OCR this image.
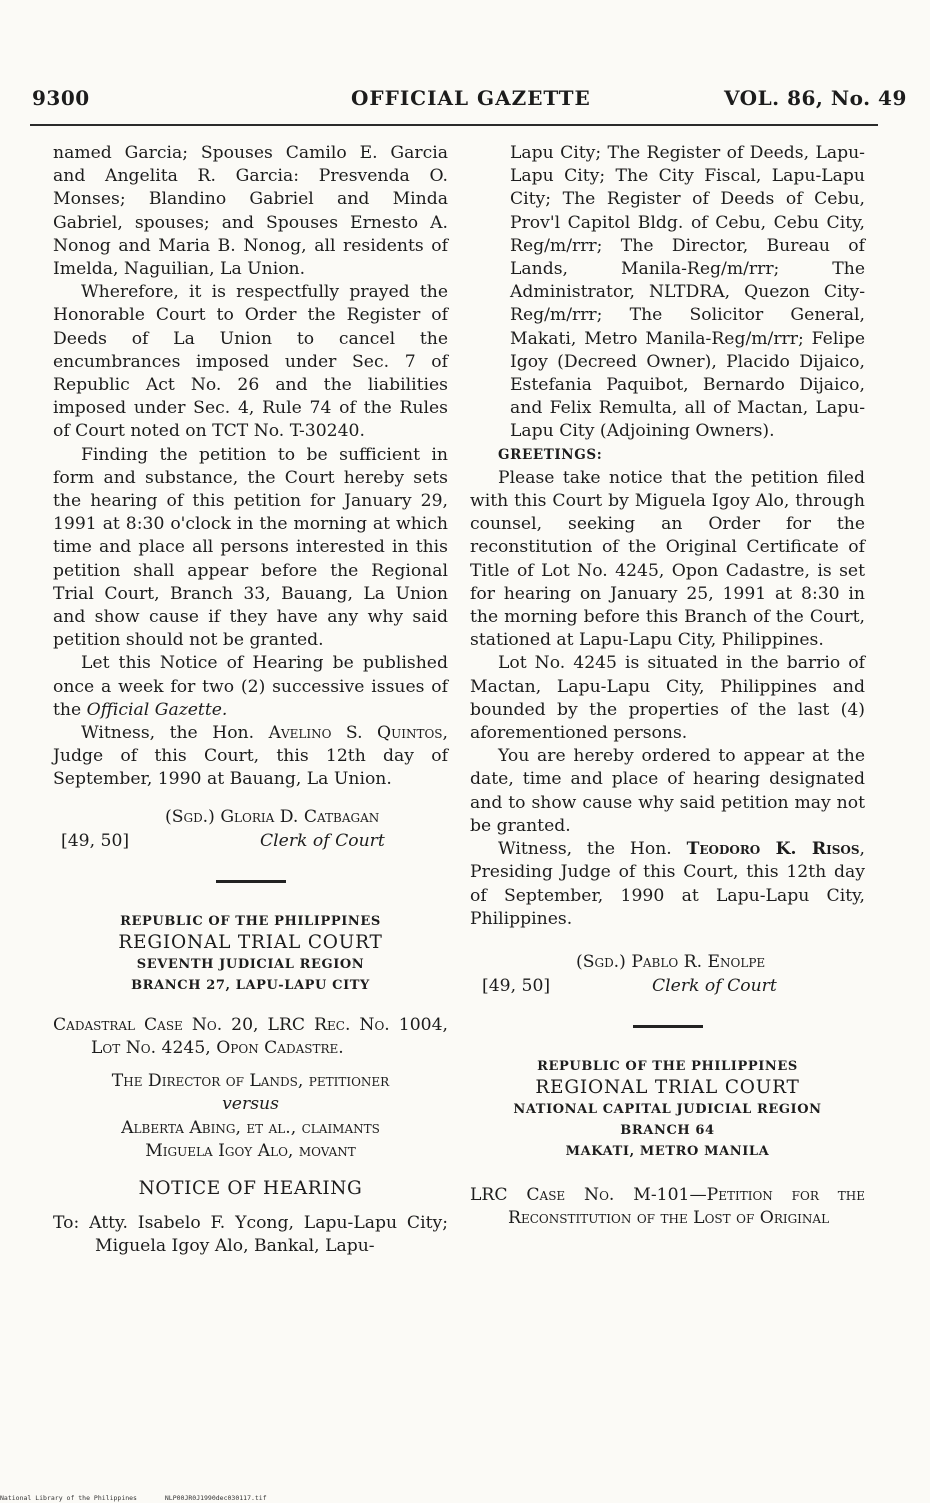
9300	OFFICIAL GAZETTE	VOL. 86, No. 49

named Garcia; Spouses Camilo E. Garcia and Angelita R. Garcia: Presvenda O. Monses; Blandino Gabriel and Minda Gabriel, spouses; and Spouses Ernesto A. Nonog and Maria B. Nonog, all residents of Imelda, Naguilian, La Union.

Wherefore, it is respectfully prayed the Honorable Court to Order the Register of Deeds of La Union to cancel the encumbrances imposed under Sec. 7 of Republic Act No. 26 and the liabilities imposed under Sec. 4, Rule 74 of the Rules of Court noted on TCT No. T-30240.

Finding the petition to be sufficient in form and substance, the Court hereby sets the hearing of this petition for January 29, 1991 at 8:30 o'clock in the morning at which time and place all persons interested in this petition shall appear before the Regional Trial Court, Branch 33, Bauang, La Union and show cause if they have any why said petition should not be granted.

Let this Notice of Hearing be published once a week for two (2) successive issues of the Official Gazette.

Witness, the Hon. Avelino S. Quintos, Judge of this Court, this 12th day of September, 1990 at Bauang, La Union.

(Sgd.) Gloria D. Catbagan
[49, 50]	Clerk of Court
REPUBLIC OF THE PHILIPPINES
REGIONAL TRIAL COURT
SEVENTH JUDICIAL REGION
BRANCH 27, LAPU-LAPU CITY

Cadastral Case No. 20, LRC Rec. No. 1004, Lot No. 4245, Opon Cadastre.

The Director of Lands, petitioner
versus
Alberta Abing, et al., claimants
Miguela Igoy Alo, movant
NOTICE OF HEARING

To: Atty. Isabelo F. Ycong, Lapu-Lapu City; Miguela Igoy Alo, Bankal, Lapu-

Lapu City; The Register of Deeds, Lapu-Lapu City; The City Fiscal, Lapu-Lapu City; The Register of Deeds of Cebu, Prov'l Capitol Bldg. of Cebu, Cebu City, Reg/m/rrr; The Director, Bureau of Lands, Manila-Reg/m/rrr; The Administrator, NLTDRA, Quezon City-Reg/m/rrr; The Solicitor General, Makati, Metro Manila-Reg/m/rrr; Felipe Igoy (Decreed Owner), Placido Dijaico, Estefania Paquibot, Bernardo Dijaico, and Felix Remulta, all of Mactan, Lapu-Lapu City (Adjoining Owners).

GREETINGS:

Please take notice that the petition filed with this Court by Miguela Igoy Alo, through counsel, seeking an Order for the reconstitution of the Original Certificate of Title of Lot No. 4245, Opon Cadastre, is set for hearing on January 25, 1991 at 8:30 in the morning before this Branch of the Court, stationed at Lapu-Lapu City, Philippines.

Lot No. 4245 is situated in the barrio of Mactan, Lapu-Lapu City, Philippines and bounded by the properties of the last (4) aforementioned persons.

You are hereby ordered to appear at the date, time and place of hearing designated and to show cause why said petition may not be granted.

Witness, the Hon. Teodoro K. Risos, Presiding Judge of this Court, this 12th day of September, 1990 at Lapu-Lapu City, Philippines.

(Sgd.) Pablo R. Enolpe
[49, 50]	Clerk of Court
REPUBLIC OF THE PHILIPPINES
REGIONAL TRIAL COURT
NATIONAL CAPITAL JUDICIAL REGION
BRANCH 64
MAKATI, METRO MANILA

LRC Case No. M-101—Petition for the Reconstitution of the Lost of Original

National Library of the Philippines	NLP00JR0J1990dec030117.tif
